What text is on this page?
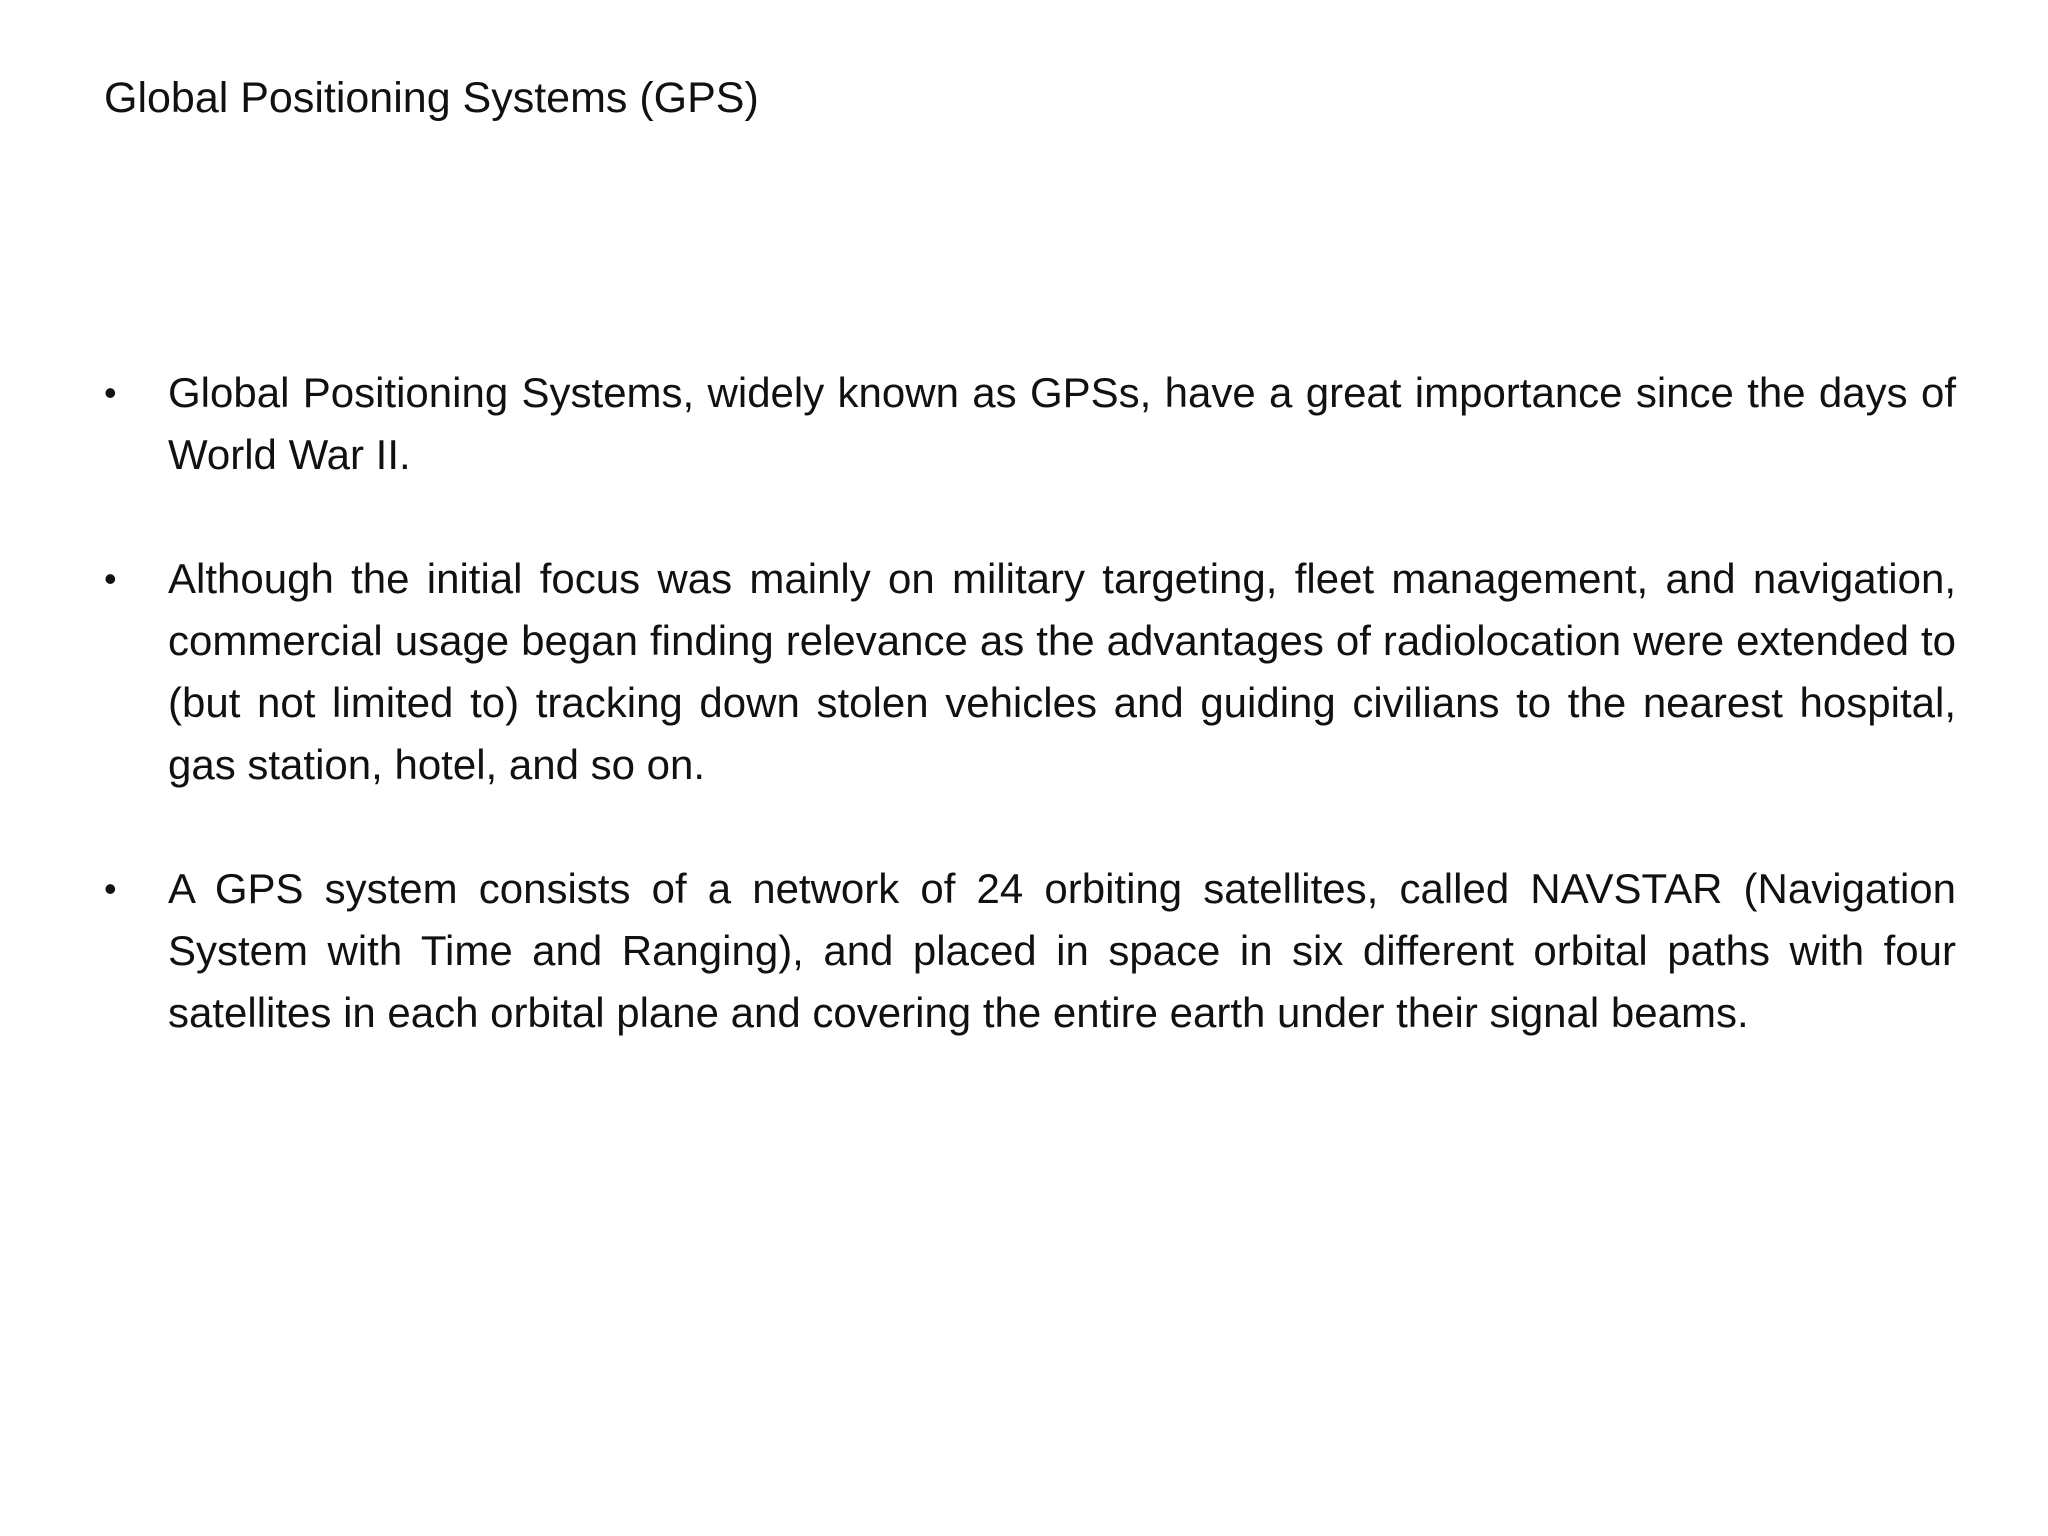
Global Positioning Systems (GPS)
•	Global Positioning Systems, widely known as GPSs, have a great importance since the days of World War II.
•	Although the initial focus was mainly on military targeting, fleet management, and navigation, commercial usage began finding relevance as the advantages of radiolocation were extended to (but not limited to) tracking down stolen vehicles and guiding civilians to the nearest hospital, gas station, hotel, and so on.
•	A GPS system consists of a network of 24 orbiting satellites, called NAVSTAR (Navigation System with Time and Ranging), and placed in space in six different orbital paths with four satellites in each orbital plane and covering the entire earth under their signal beams.
